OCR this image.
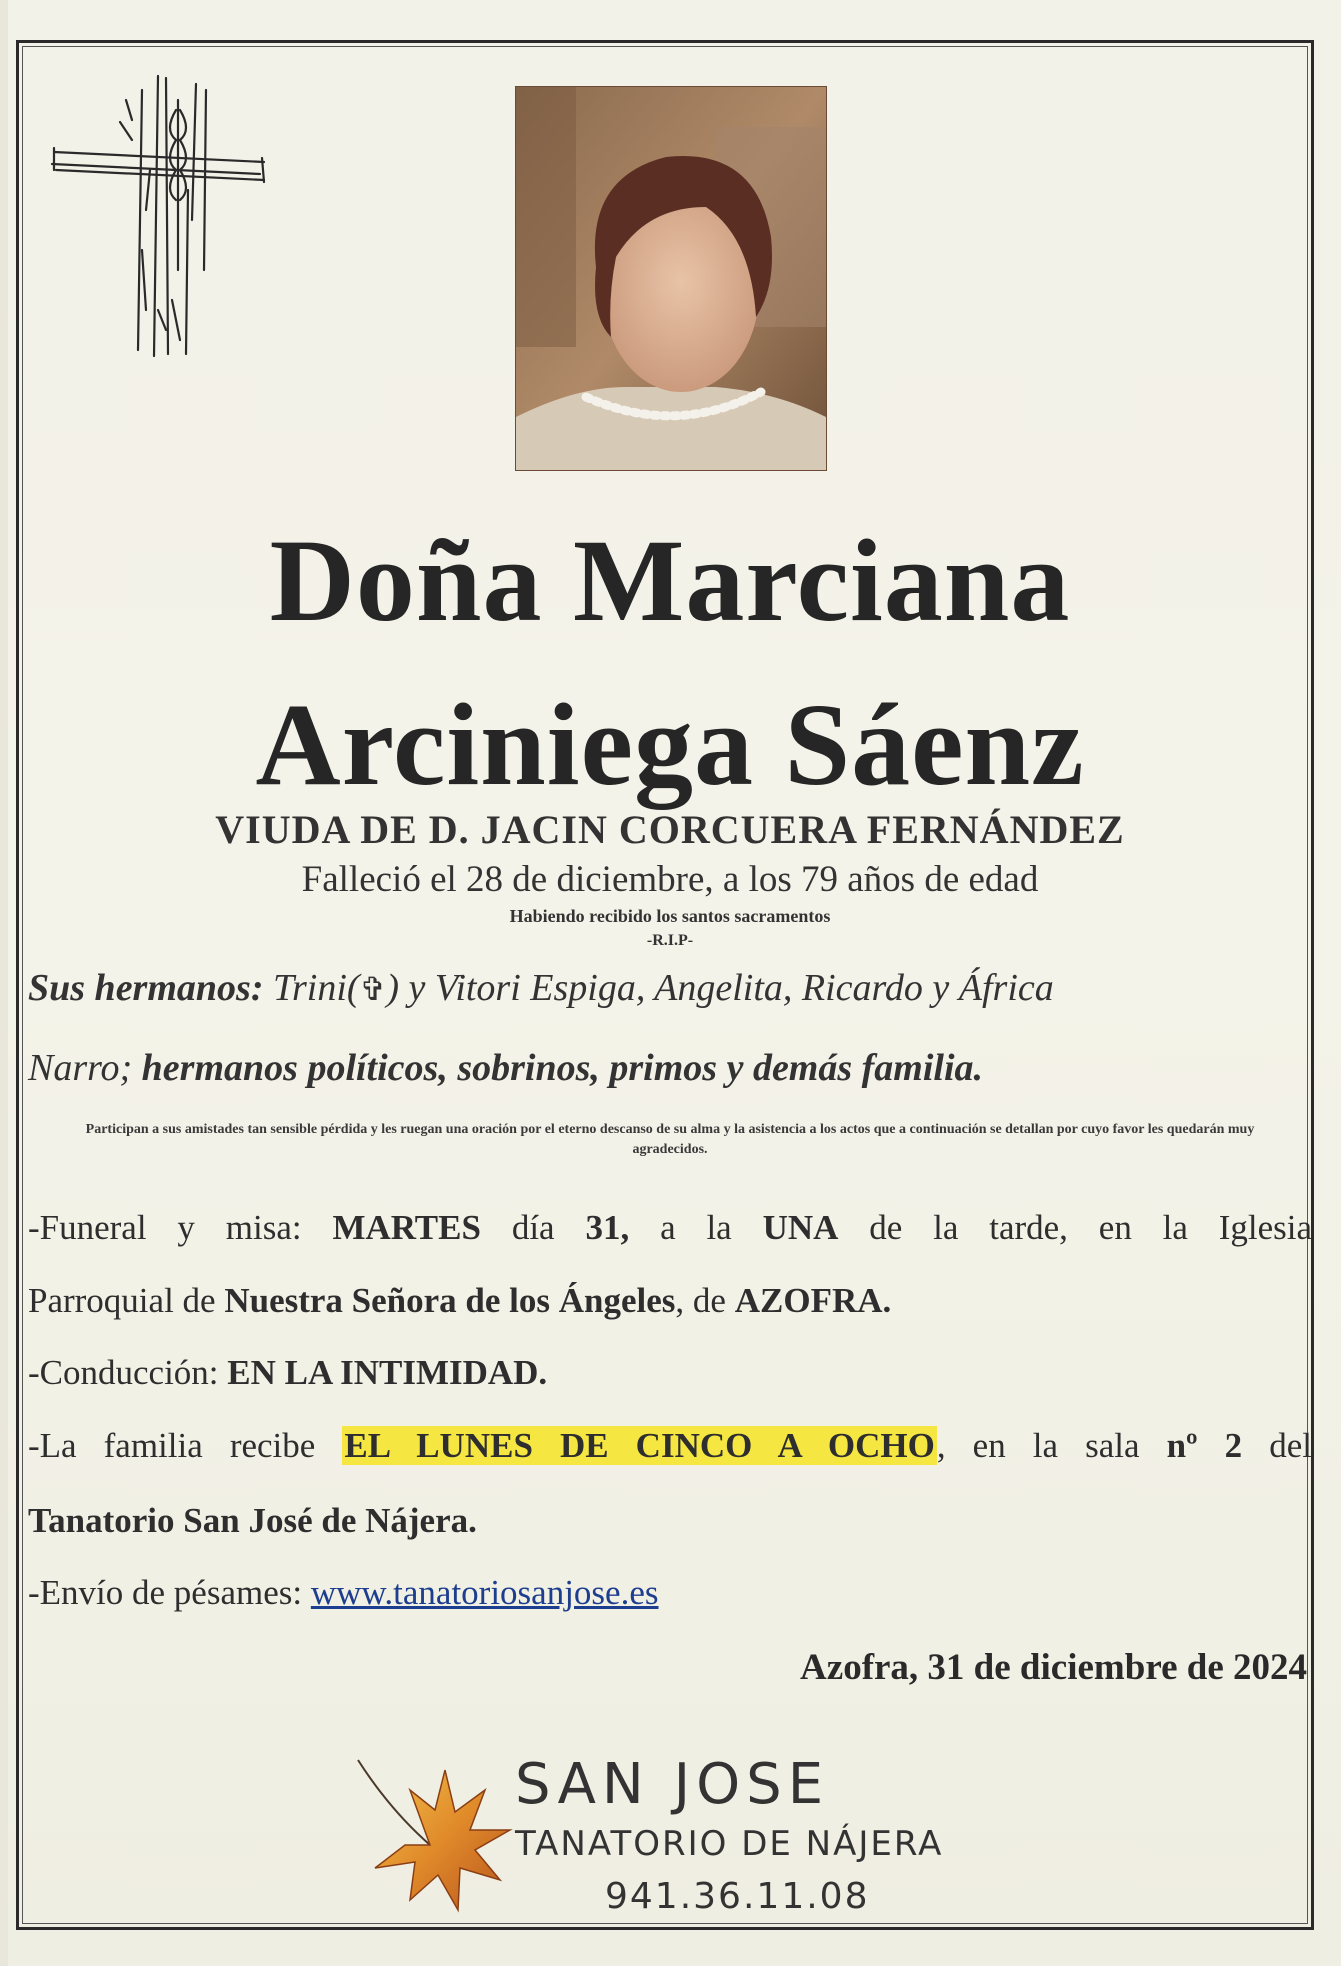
Doña Marciana
Arciniega Sáenz
VIUDA DE D. JACIN CORCUERA FERNÁNDEZ
Falleció el 28 de diciembre, a los 79 años de edad
Habiendo recibido los santos sacramentos
-R.I.P-
Sus hermanos: Trini(✞) y Vitori Espiga, Angelita, Ricardo y África
Narro; hermanos políticos, sobrinos, primos y demás familia.
Participan a sus amistades tan sensible pérdida y les ruegan una oración por el eterno descanso de su alma y la asistencia a los actos que a continuación se detallan por cuyo favor les quedarán muy agradecidos.
-Funeral y misa: MARTES día 31, a la UNA de la tarde, en la Iglesia
Parroquial de Nuestra Señora de los Ángeles, de AZOFRA.
-Conducción: EN LA INTIMIDAD.
-La familia recibe EL LUNES DE CINCO A OCHO, en la sala nº 2 del
Tanatorio San José de Nájera.
-Envío de pésames: www.tanatoriosanjose.es
Azofra, 31 de diciembre de 2024
SAN JOSE
TANATORIO DE NÁJERA
941.36.11.08
